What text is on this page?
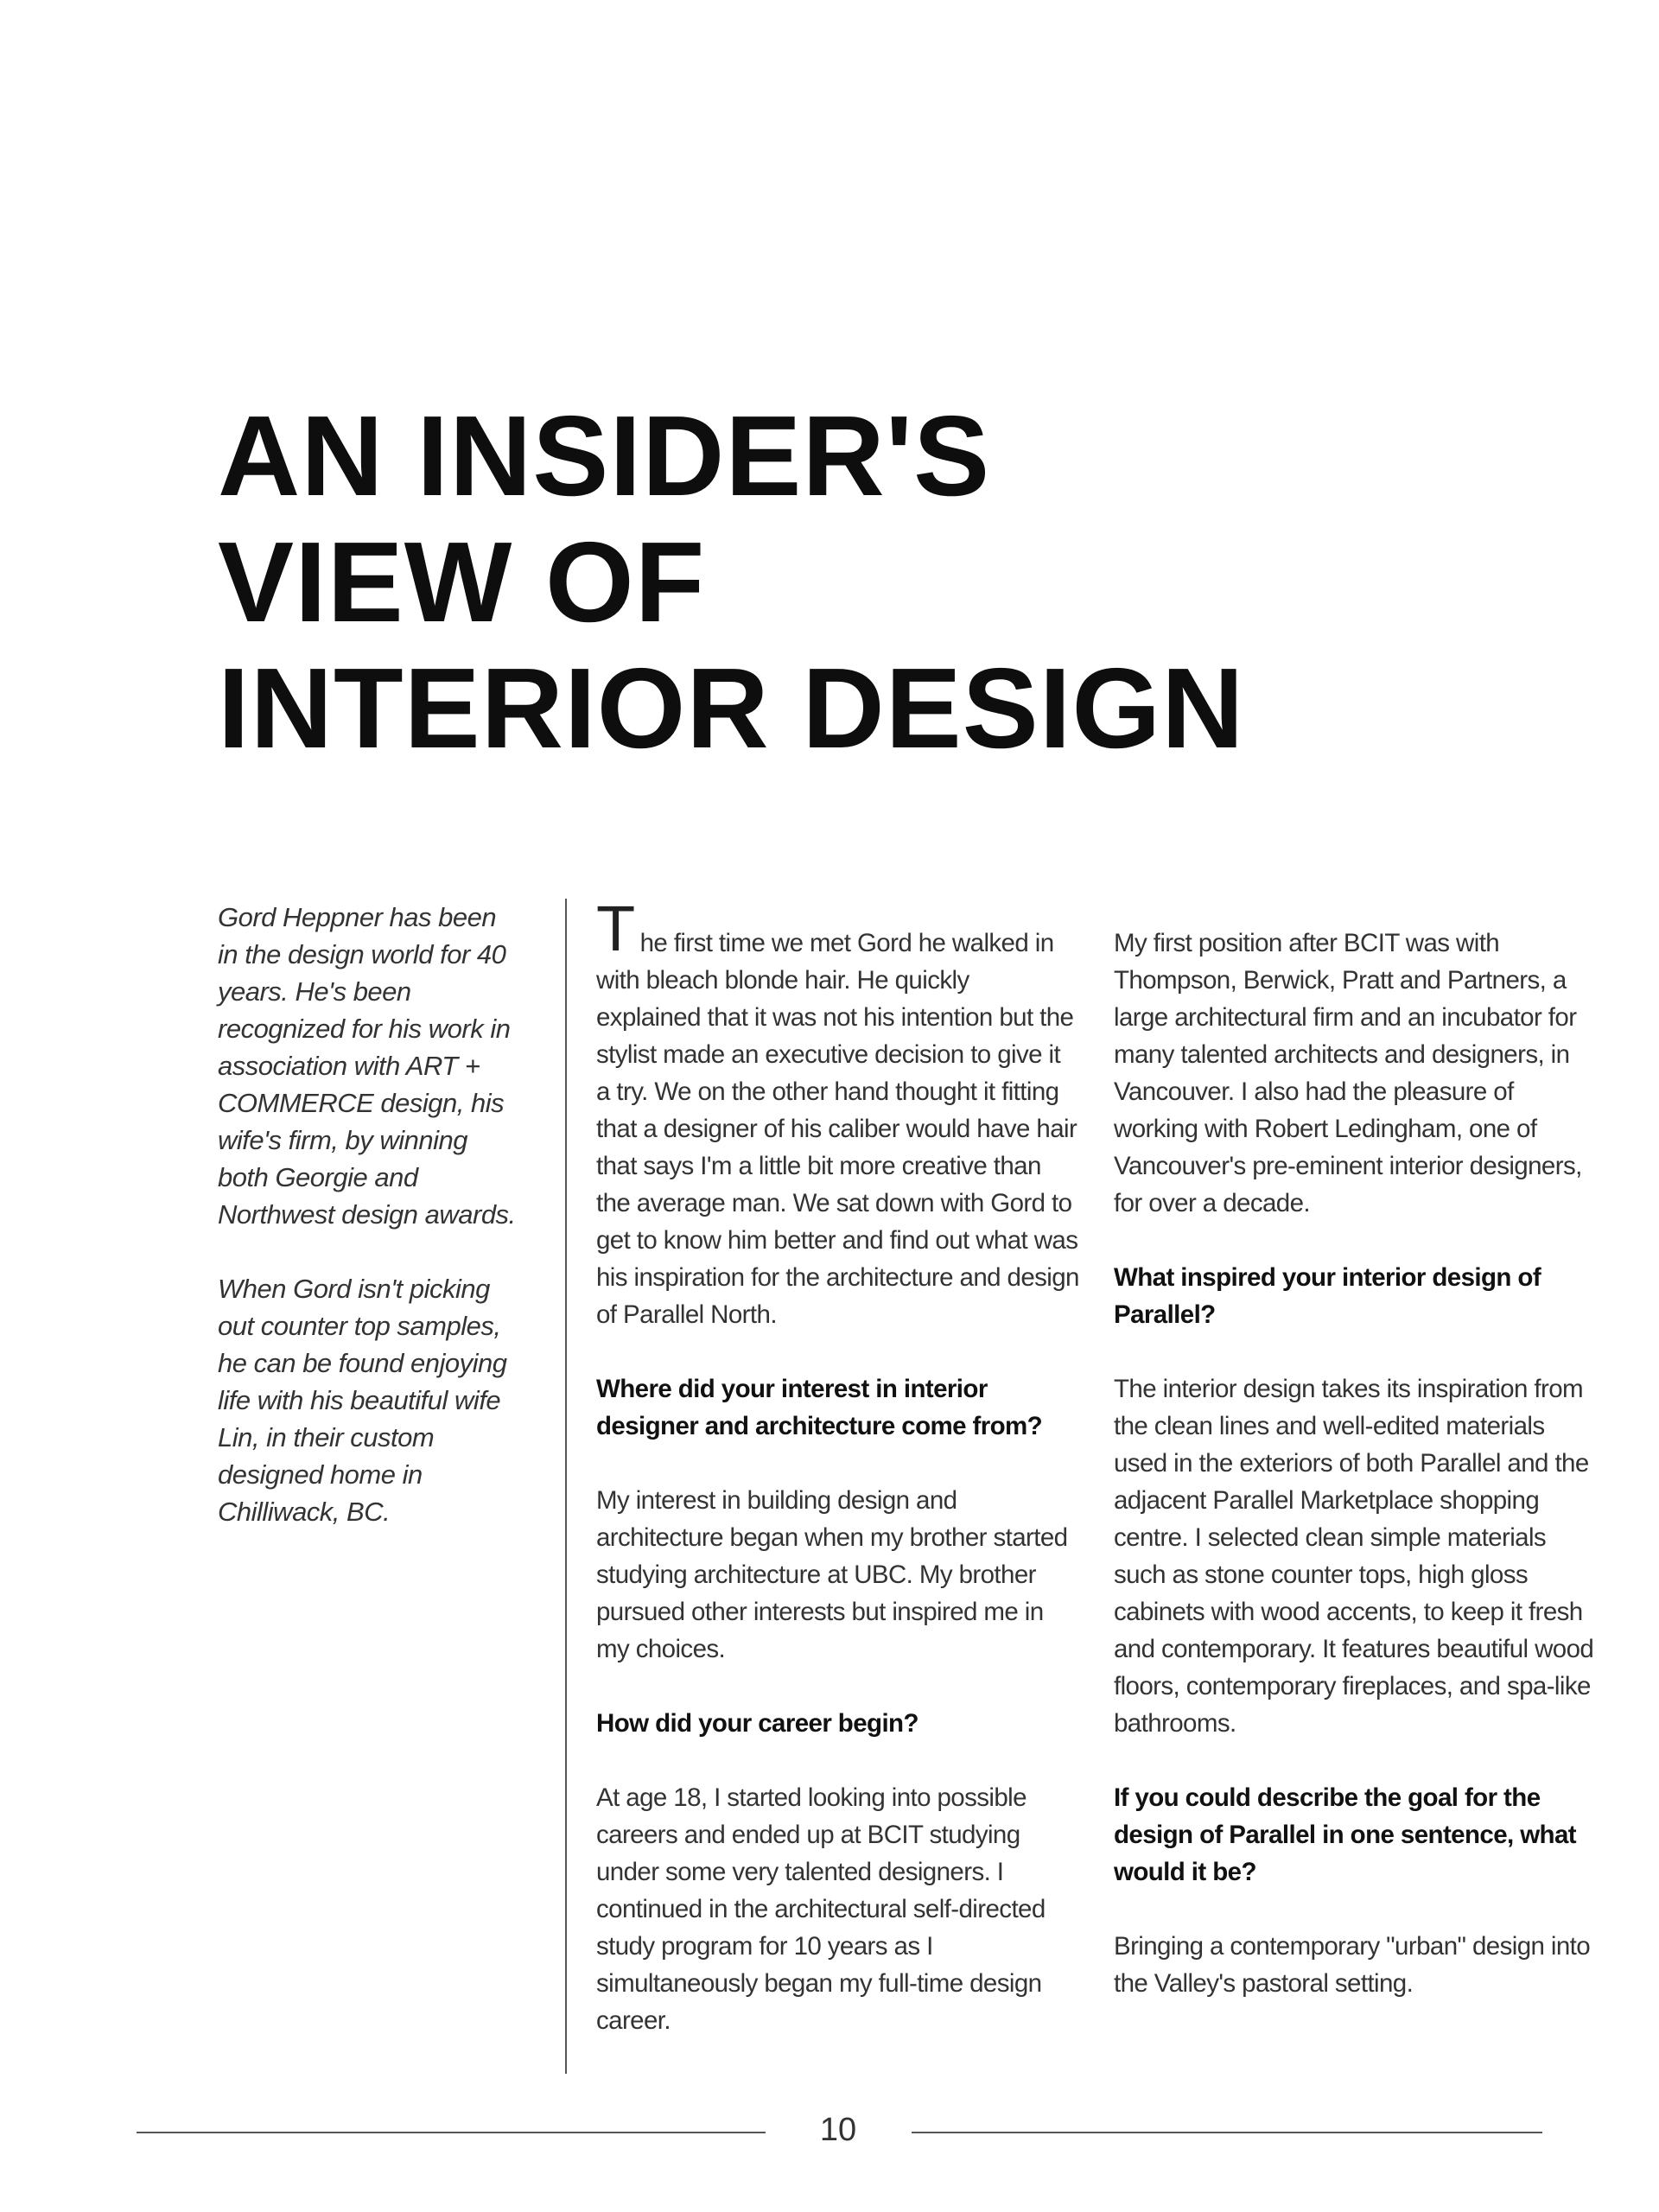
AN INSIDER'S
VIEW OF
INTERIOR DESIGN

Gord Heppner has been in the design world for 40 years. He's been recognized for his work in association with ART + COMMERCE design, his wife's firm, by winning both Georgie and Northwest design awards.

When Gord isn't picking out counter top samples, he can be found enjoying life with his beautiful wife Lin, in their custom designed home in Chilliwack, BC.

The first time we met Gord he walked in with bleach blonde hair. He quickly explained that it was not his intention but the stylist made an executive decision to give it a try. We on the other hand thought it fitting that a designer of his caliber would have hair that says I'm a little bit more creative than the average man. We sat down with Gord to get to know him better and find out what was his inspiration for the architecture and design of Parallel North.

Where did your interest in interior designer and architecture come from?

My interest in building design and architecture began when my brother started studying architecture at UBC. My brother pursued other interests but inspired me in my choices.

How did your career begin?

At age 18, I started looking into possible careers and ended up at BCIT studying under some very talented designers. I continued in the architectural self-directed study program for 10 years as I simultaneously began my full-time design career.

My first position after BCIT was with Thompson, Berwick, Pratt and Partners, a large architectural firm and an incubator for many talented architects and designers, in Vancouver. I also had the pleasure of working with Robert Ledingham, one of Vancouver's pre-eminent interior designers, for over a decade.

What inspired your interior design of Parallel?

The interior design takes its inspiration from the clean lines and well-edited materials used in the exteriors of both Parallel and the adjacent Parallel Marketplace shopping centre. I selected clean simple materials such as stone counter tops, high gloss cabinets with wood accents, to keep it fresh and contemporary. It features beautiful wood floors, contemporary fireplaces, and spa-like bathrooms.

If you could describe the goal for the design of Parallel in one sentence, what would it be?

Bringing a contemporary "urban" design into the Valley's pastoral setting.

10
